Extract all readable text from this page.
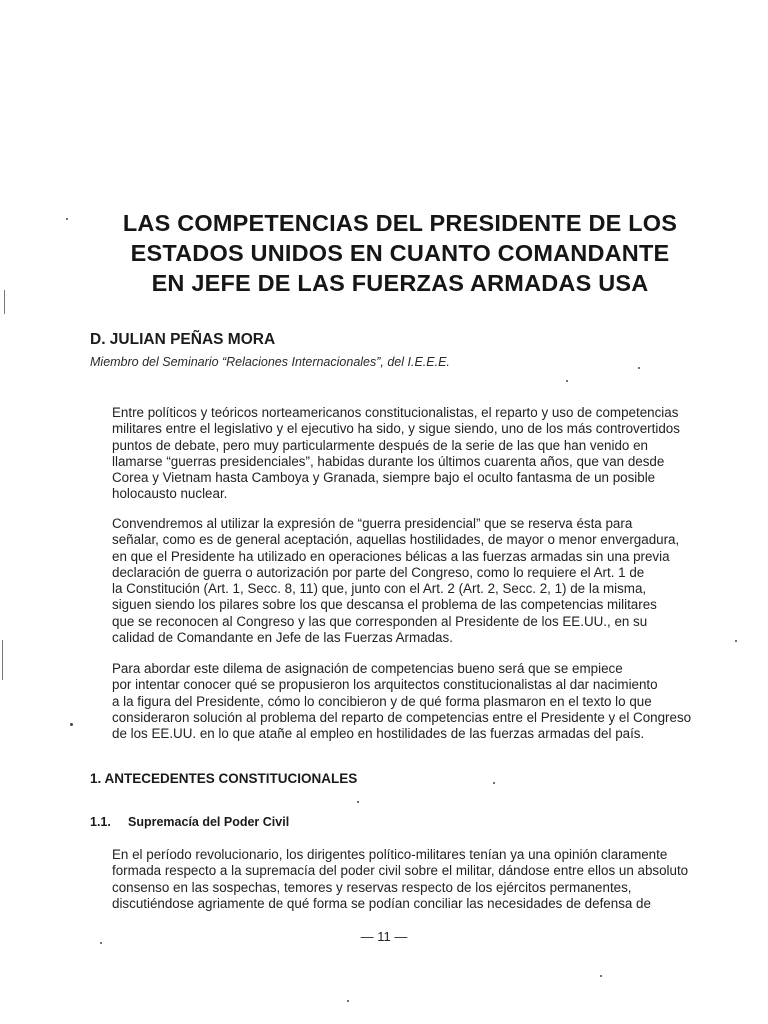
LAS COMPETENCIAS DEL PRESIDENTE DE LOS
ESTADOS UNIDOS EN CUANTO COMANDANTE
EN JEFE DE LAS FUERZAS ARMADAS USA

D. JULIAN PEÑAS MORA

Miembro del Seminario “Relaciones Internacionales”, del I.E.E.E.

Entre políticos y teóricos norteamericanos constitucionalistas, el reparto y uso de competencias
militares entre el legislativo y el ejecutivo ha sido, y sigue siendo, uno de los más controvertidos
puntos de debate, pero muy particularmente después de la serie de las que han venido en
llamarse “guerras presidenciales”, habidas durante los últimos cuarenta años, que van desde
Corea y Vietnam hasta Camboya y Granada, siempre bajo el oculto fantasma de un posible
holocausto nuclear.

Convendremos al utilizar la expresión de “guerra presidencial” que se reserva ésta para
señalar, como es de general aceptación, aquellas hostilidades, de mayor o menor envergadura,
en que el Presidente ha utilizado en operaciones bélicas a las fuerzas armadas sin una previa
declaración de guerra o autorización por parte del Congreso, como lo requiere el Art. 1 de
la Constitución (Art. 1, Secc. 8, 11) que, junto con el Art. 2 (Art. 2, Secc. 2, 1) de la misma,
siguen siendo los pilares sobre los que descansa el problema de las competencias militares
que se reconocen al Congreso y las que corresponden al Presidente de los EE.UU., en su
calidad de Comandante en Jefe de las Fuerzas Armadas.

Para abordar este dilema de asignación de competencias bueno será que se empiece
por intentar conocer qué se propusieron los arquitectos constitucionalistas al dar nacimiento
a la figura del Presidente, cómo lo concibieron y de qué forma plasmaron en el texto lo que
consideraron solución al problema del reparto de competencias entre el Presidente y el Congreso
de los EE.UU. en lo que atañe al empleo en hostilidades de las fuerzas armadas del país.

1. ANTECEDENTES CONSTITUCIONALES
1.1. Supremacía del Poder Civil

En el período revolucionario, los dirigentes político-militares tenían ya una opinión claramente
formada respecto a la supremacía del poder civil sobre el militar, dándose entre ellos un absoluto
consenso en las sospechas, temores y reservas respecto de los ejércitos permanentes,
discutiéndose agriamente de qué forma se podían conciliar las necesidades de defensa de

— 11 —
